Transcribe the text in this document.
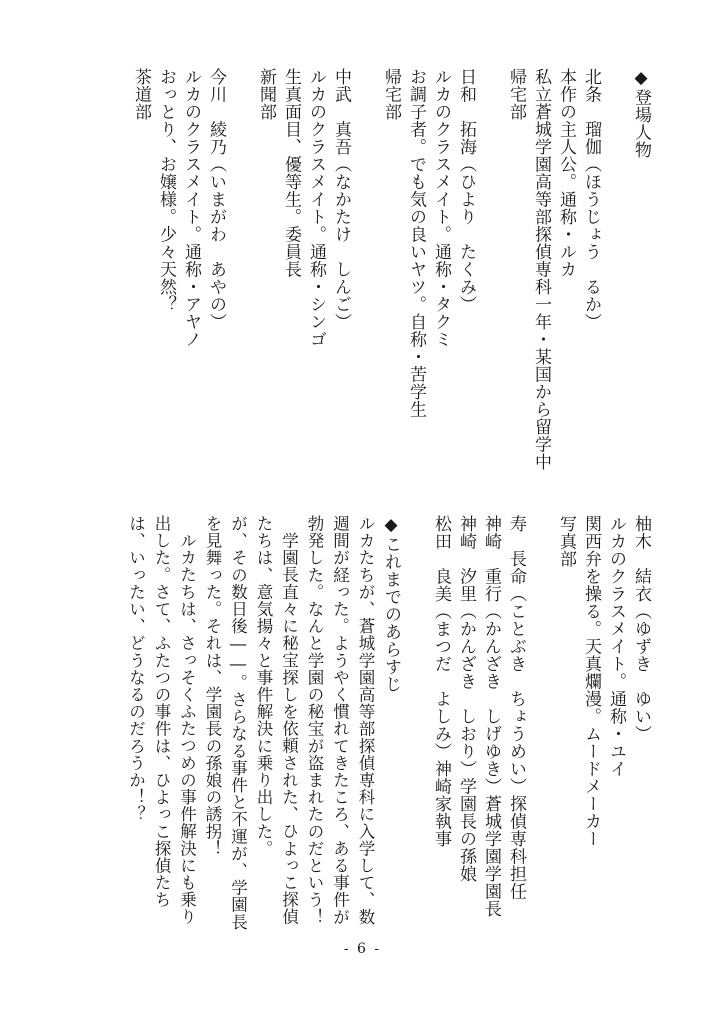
◆登場人物
北条　瑠伽（ほうじょう　るか）
本作の主人公。通称・ルカ
私立蒼城学園高等部探偵専科一年・某国から留学中
帰宅部
日和　拓海（ひより　たくみ）
ルカのクラスメイト。通称・タクミ
お調子者。でも気の良いヤツ。自称・苦学生
帰宅部
中武　真吾（なかたけ　しんご）
ルカのクラスメイト。通称・シンゴ
生真面目、優等生。委員長
新聞部
今川　綾乃（いまがわ　あやの）
ルカのクラスメイト。通称・アヤノ
おっとり、お嬢様。少々天然？
茶道部
柚木　結衣（ゆずき　ゆい）
ルカのクラスメイト。通称・ユイ
関西弁を操る。天真爛漫。ムードメーカー
写真部
寿　長命（ことぶき　ちょうめい）探偵専科担任
神崎　重行（かんざき　しげゆき）蒼城学園学園長
神崎　汐里（かんざき　しおり）学園長の孫娘
松田　良美（まつだ　よしみ）神崎家執事
◆これまでのあらすじ
ルカたちが、蒼城学園高等部探偵専科に入学して、数週間が経った。ようやく慣れてきたころ、ある事件が勃発した。なんと学園の秘宝が盗まれたのだという！
学園長直々に秘宝探しを依頼された、ひよっこ探偵たちは、意気揚々と事件解決に乗り出した。
が、その数日後――。さらなる事件と不運が、学園長を見舞った。それは、学園長の孫娘の誘拐！
ルカたちは、さっそくふたつめの事件解決にも乗り出した。さて、ふたつの事件は、ひよっこ探偵たちは、いったい、どうなるのだろうか！？
- 6 -
